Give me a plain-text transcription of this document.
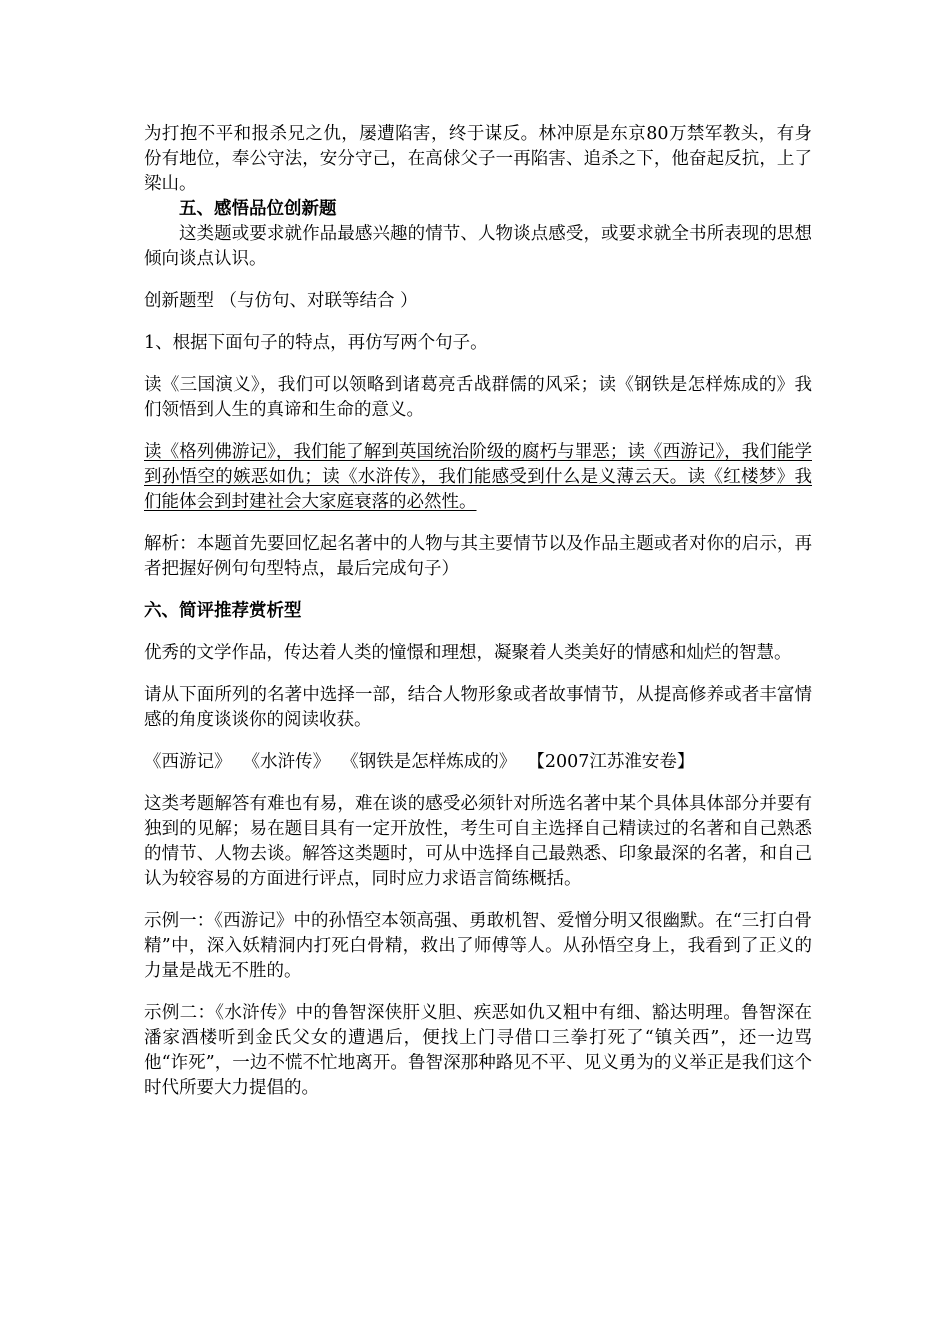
为打抱不平和报杀兄之仇，屡遭陷害，终于谋反。林冲原是东京80万禁军教头，有身份有地位，奉公守法，安分守己，在高俅父子一再陷害、追杀之下，他奋起反抗，上了梁山。

五、感悟品位创新题

这类题或要求就作品最感兴趣的情节、人物谈点感受，或要求就全书所表现的思想倾向谈点认识。

创新题型 （与仿句、对联等结合 ）

1、根据下面句子的特点，再仿写两个句子。

读《三国演义》，我们可以领略到诸葛亮舌战群儒的风采；读《钢铁是怎样炼成的》我们领悟到人生的真谛和生命的意义。

读《格列佛游记》，我们能了解到英国统治阶级的腐朽与罪恶；读《西游记》，我们能学到孙悟空的嫉恶如仇；读《水浒传》，我们能感受到什么是义薄云天。读《红楼梦》我们能体会到封建社会大家庭衰落的必然性。

解析：本题首先要回忆起名著中的人物与其主要情节以及作品主题或者对你的启示，再者把握好例句句型特点，最后完成句子）

六、简评推荐赏析型

优秀的文学作品，传达着人类的憧憬和理想，凝聚着人类美好的情感和灿烂的智慧。

请从下面所列的名著中选择一部，结合人物形象或者故事情节，从提高修养或者丰富情感的角度谈谈你的阅读收获。

《西游记》  《水浒传》  《钢铁是怎样炼成的》  【2007江苏淮安卷】

这类考题解答有难也有易，难在谈的感受必须针对所选名著中某个具体具体部分并要有独到的见解；易在题目具有一定开放性，考生可自主选择自己精读过的名著和自己熟悉的情节、人物去谈。解答这类题时，可从中选择自己最熟悉、印象最深的名著，和自己认为较容易的方面进行评点，同时应力求语言简练概括。

示例一：《西游记》中的孙悟空本领高强、勇敢机智、爱憎分明又很幽默。在“三打白骨精”中，深入妖精洞内打死白骨精，救出了师傅等人。从孙悟空身上，我看到了正义的力量是战无不胜的。

示例二：《水浒传》中的鲁智深侠肝义胆、疾恶如仇又粗中有细、豁达明理。鲁智深在潘家酒楼听到金氏父女的遭遇后，便找上门寻借口三拳打死了“镇关西”，还一边骂他“诈死”，一边不慌不忙地离开。鲁智深那种路见不平、见义勇为的义举正是我们这个时代所要大力提倡的。
